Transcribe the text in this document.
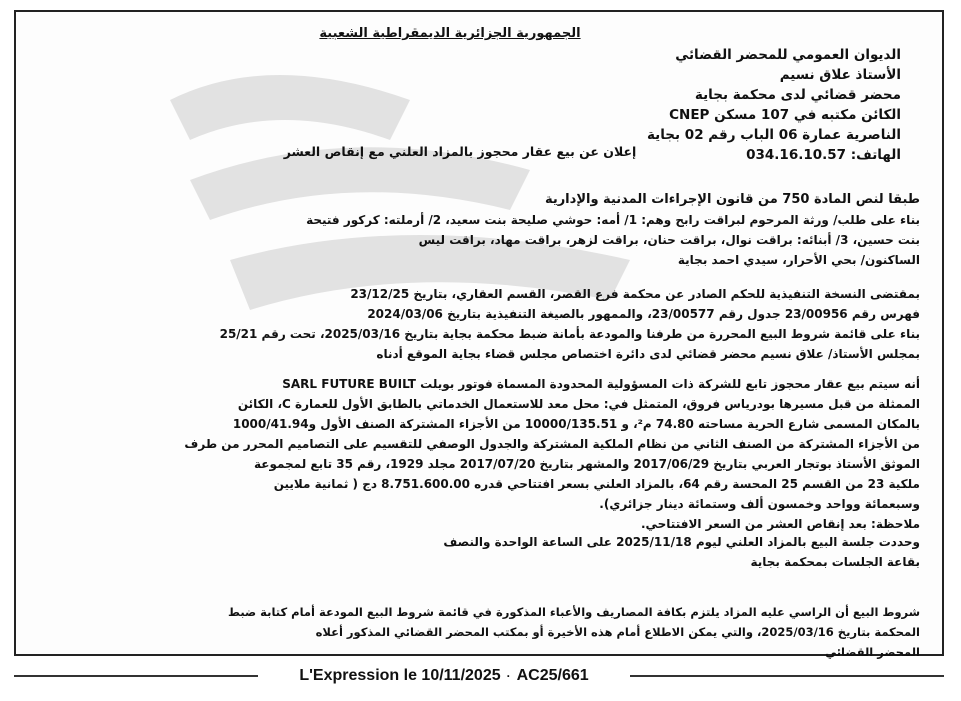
الجمهورية الجزائرية الديمقراطية الشعبية
الديوان العمومي للمحضر القضائي
الأستاذ علاق نسيم
محضر قضائي لدى محكمة بجاية
الكائن مكتبه في 107 مسكن CNEP
الناصرية عمارة 06 الباب رقم 02 بجاية
الهاتف: 034.16.10.57
إعلان عن بيع عقار محجوز بالمزاد العلني مع إنقاص العشر

طبقا لنص المادة 750 من قانون الإجراءات المدنية والإدارية

بناء على طلب/ ورثة المرحوم لبراقت رابح وهم: 1/ أمه: حوشي صليحة بنت سعيد، 2/ أرملته: كركور فتيحة

بنت حسين، 3/ أبنائه: براقت نوال، براقت حنان، براقت لزهر، براقت مهاد، براقت ليس

الساكنون/ بحي الأحرار، سيدي احمد بجاية

بمقتضى النسخة التنفيذية للحكم الصادر عن محكمة فرع القصر، القسم العقاري، بتاريخ 23/12/25

فهرس رقم 23/00956 جدول رقم 23/00577، والممهور بالصيغة التنفيذية بتاريخ 2024/03/06

بناء على قائمة شروط البيع المحررة من طرفنا والمودعة بأمانة ضبط محكمة بجاية بتاريخ 2025/03/16، تحت رقم 25/21

بمجلس الأستاذ/ علاق نسيم محضر قضائي لدى دائرة اختصاص مجلس قضاء بجاية الموقع أدناه

أنه سيتم بيع عقار محجوز تابع للشركة ذات المسؤولية المحدودة المسماة فوتور بويلت SARL FUTURE BUILT

الممثلة من قبل مسيرها بودرياس فروق، المتمثل في: محل معد للاستعمال الخدماتي بالطابق الأول للعمارة C، الكائن

بالمكان المسمى شارع الحرية مساحته 74.80 م²، و 10000/135.51 من الأجزاء المشتركة الصنف الأول و1000/41.94

من الأجزاء المشتركة من الصنف الثاني من نظام الملكية المشتركة والجدول الوصفي للتقسيم على التصاميم المحرر من طرف

الموثق الأستاذ بوتجار العربي بتاريخ 2017/06/29 والمشهر بتاريخ 2017/07/20 مجلد 1929، رقم 35 تابع لمجموعة

ملكية 23 من القسم 25 المحسة رقم 64، بالمزاد العلني بسعر افتتاحي قدره 8.751.600.00 دج ( ثمانية ملايين

وسبعمائة وواحد وخمسون ألف وستمائة دينار جزائري).

ملاحظة: بعد إنقاص العشر من السعر الافتتاحي.

وحددت جلسة البيع بالمزاد العلني ليوم 2025/11/18 على الساعة الواحدة والنصف

بقاعة الجلسات بمحكمة بجاية

شروط البيع أن الراسي عليه المزاد يلتزم بكافة المصاريف والأعباء المذكورة في قائمة شروط البيع المودعة أمام كتابة ضبط

المحكمة بتاريخ 2025/03/16، والتي يمكن الاطلاع أمام هذه الأخيرة أو بمكتب المحضر القضائي المذكور أعلاه

المحضر القضائي

L'Expression le 10/11/2025 · AC25/661
